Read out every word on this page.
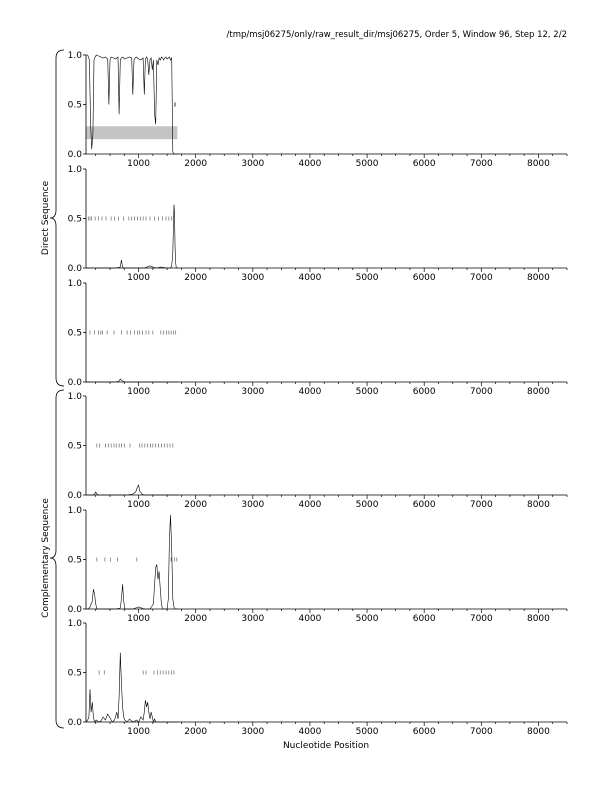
/tmp/msj06275/only/raw_result_dir/msj06275, Order 5, Window 96, Step 12, 2/2
0.0
0.5
1.0
1000	2000	3000	4000	5000	6000	7000	8000
0.0
0.5
1.0
1000	2000	3000	4000	5000	6000	7000	8000
0.0
0.5
1.0
1000	2000	3000	4000	5000	6000	7000	8000
0.0
0.5
1.0
1000	2000	3000	4000	5000	6000	7000	8000
0.0
0.5
1.0
1000	2000	3000	4000	5000	6000	7000	8000
0.0
0.5
1.0
1000	2000	3000	4000	5000	6000	7000	8000
Direct Sequence
Complementary Sequence
Nucleotide Position
